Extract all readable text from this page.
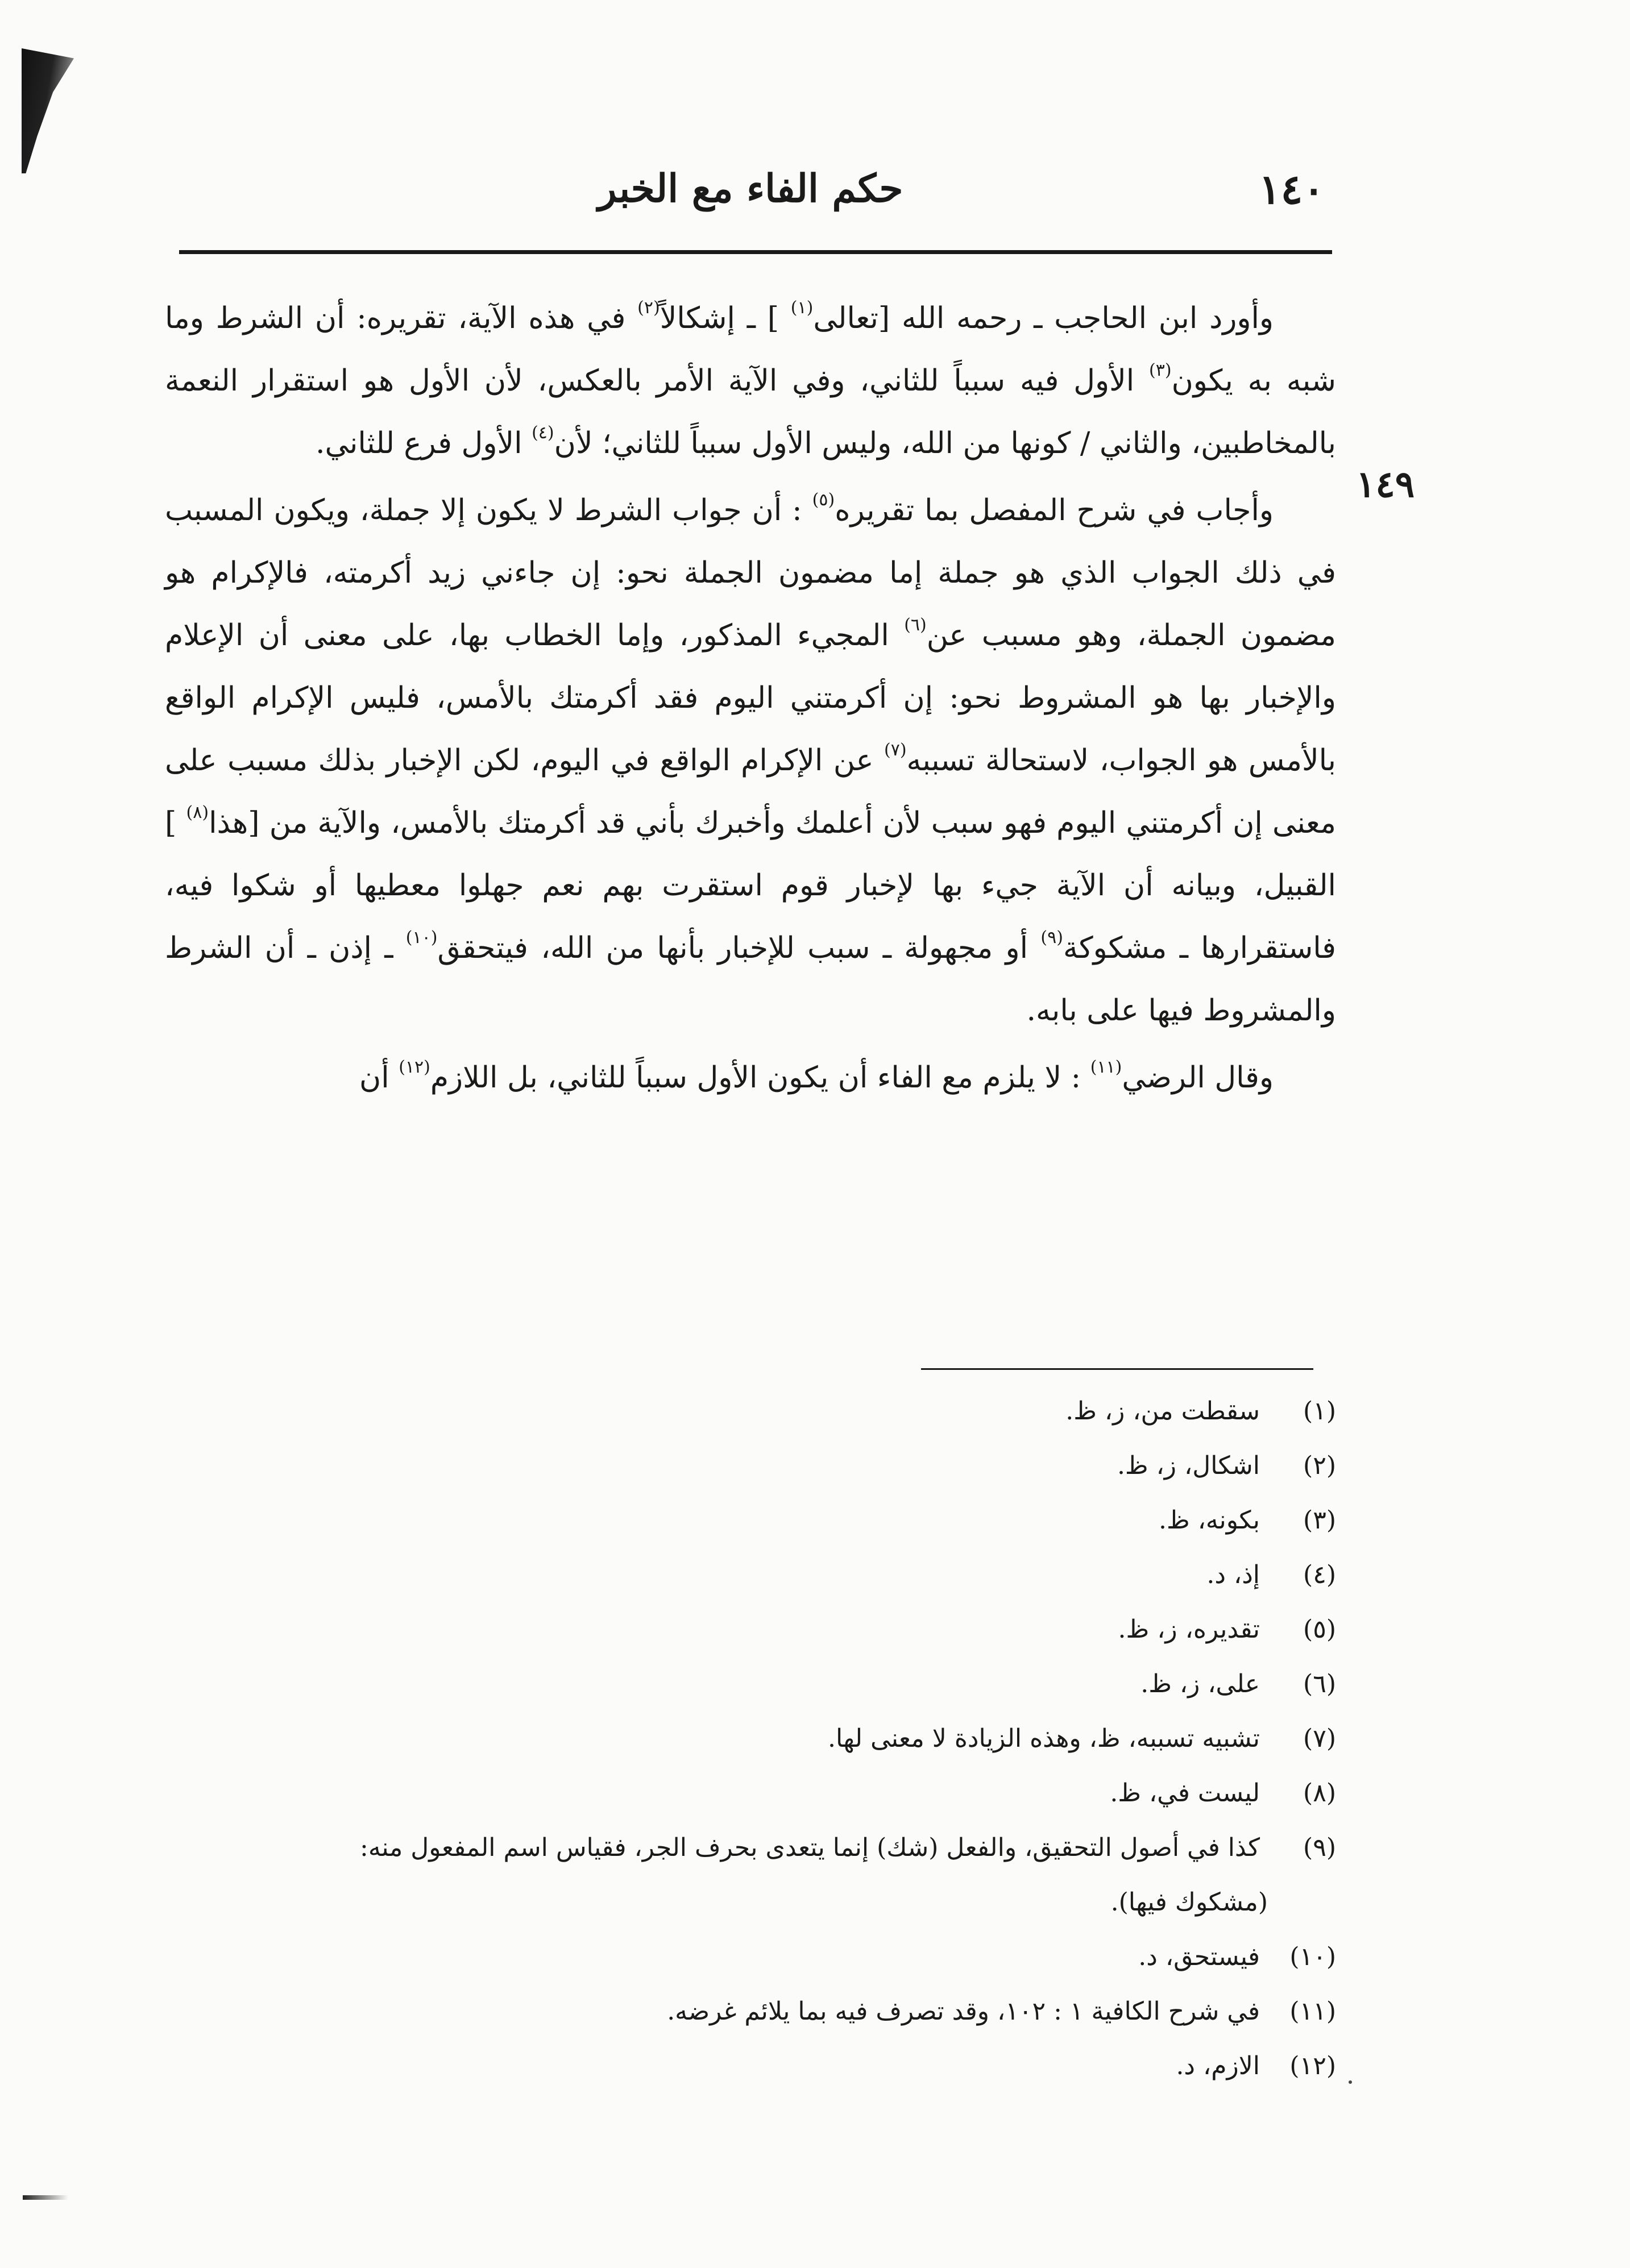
١٤٠
حكم الفاء مع الخبر
١٤٩

وأورد ابن الحاجب ـ رحمه الله [تعالى$^{(١)}$ ] ـ إشكالاً$^{(٢)}$ في هذه الآية، تقريره: أن الشرط وما شبه به يكون$^{(٣)}$ الأول فيه سبباً للثاني، وفي الآية الأمر بالعكس، لأن الأول هو استقرار النعمة بالمخاطبين، والثاني / كونها من الله، وليس الأول سبباً للثاني؛ لأن$^{(٤)}$ الأول فرع للثاني.

وأجاب في شرح المفصل بما تقريره$^{(٥)}$ : أن جواب الشرط لا يكون إلا جملة، ويكون المسبب في ذلك الجواب الذي هو جملة إما مضمون الجملة نحو: إن جاءني زيد أكرمته، فالإكرام هو مضمون الجملة، وهو مسبب عن$^{(٦)}$ المجيء المذكور، وإما الخطاب بها، على معنى أن الإعلام والإخبار بها هو المشروط نحو: إن أكرمتني اليوم فقد أكرمتك بالأمس، فليس الإكرام الواقع بالأمس هو الجواب، لاستحالة تسببه$^{(٧)}$ عن الإكرام الواقع في اليوم، لكن الإخبار بذلك مسبب على معنى إن أكرمتني اليوم فهو سبب لأن أعلمك وأخبرك بأني قد أكرمتك بالأمس، والآية من [هذا$^{(٨)}$ ] القبيل، وبيانه أن الآية جيء بها لإخبار قوم استقرت بهم نعم جهلوا معطيها أو شكوا فيه، فاستقرارها ـ مشكوكة$^{(٩)}$ أو مجهولة ـ سبب للإخبار بأنها من الله، فيتحقق$^{(١٠)}$ ـ إذن ـ أن الشرط والمشروط فيها على بابه.

وقال الرضي$^{(١١)}$ : لا يلزم مع الفاء أن يكون الأول سبباً للثاني، بل اللازم$^{(١٢)}$ أن

(١) سقطت من، ز، ظ.
(٢) اشكال، ز، ظ.
(٣) بكونه، ظ.
(٤) إذ، د.
(٥) تقديره، ز، ظ.
(٦) على، ز، ظ.
(٧) تشبيه تسببه، ظ، وهذه الزيادة لا معنى لها.
(٨) ليست في، ظ.
(٩) كذا في أصول التحقيق، والفعل (شك) إنما يتعدى بحرف الجر، فقياس اسم المفعول منه:
(مشكوك فيها).
(١٠) فيستحق، د.
(١١) في شرح الكافية ١ : ١٠٢، وقد تصرف فيه بما يلائم غرضه.
(١٢) الازم، د.
